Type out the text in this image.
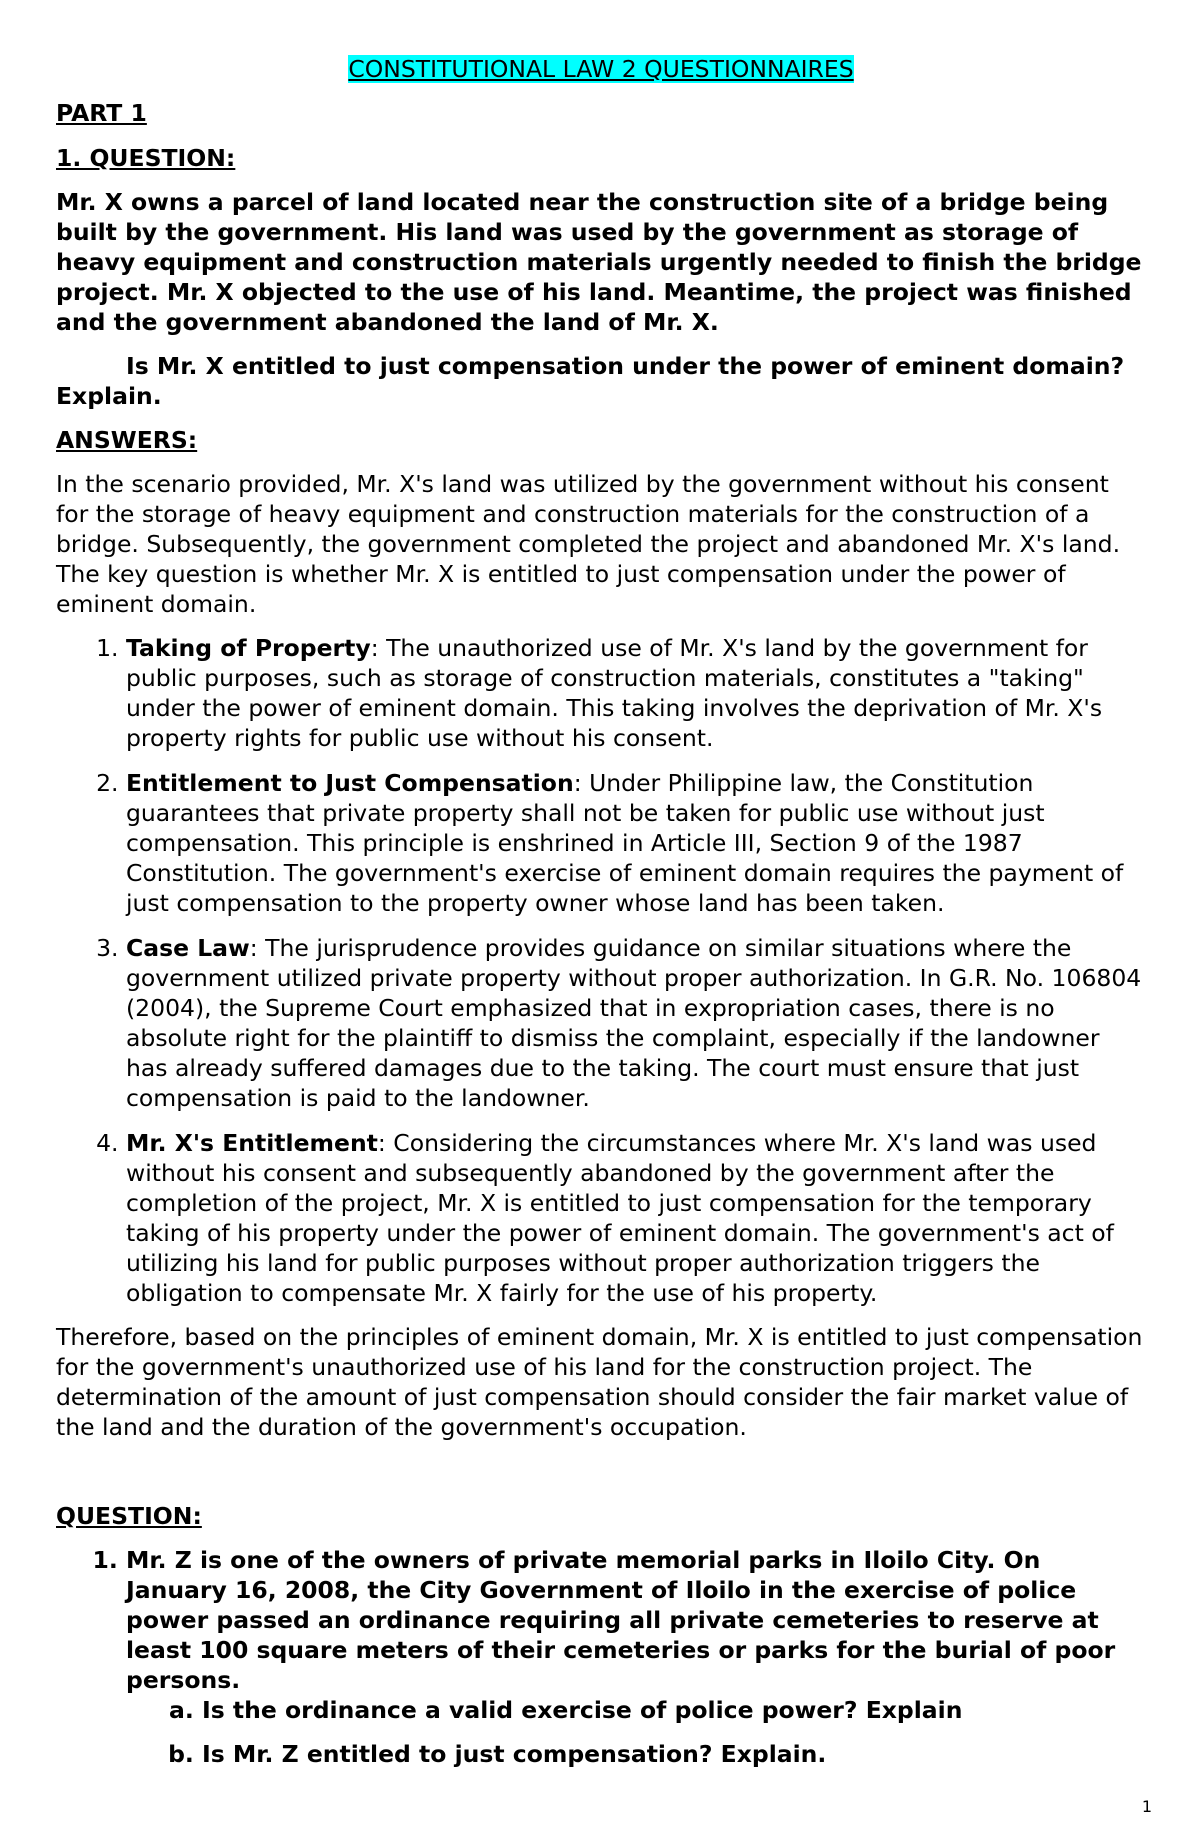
CONSTITUTIONAL LAW 2 QUESTIONNAIRES
PART 1
1. QUESTION:

Mr. X owns a parcel of land located near the construction site of a bridge being built by the government. His land was used by the government as storage of heavy equipment and construction materials urgently needed to finish the bridge project. Mr. X objected to the use of his land. Meantime, the project was finished and the government abandoned the land of Mr. X.

Is Mr. X entitled to just compensation under the power of eminent domain? Explain.

ANSWERS:

In the scenario provided, Mr. X's land was utilized by the government without his consent for the storage of heavy equipment and construction materials for the construction of a bridge. Subsequently, the government completed the project and abandoned Mr. X's land. The key question is whether Mr. X is entitled to just compensation under the power of eminent domain.

1. Taking of Property: The unauthorized use of Mr. X's land by the government for public purposes, such as storage of construction materials, constitutes a "taking" under the power of eminent domain. This taking involves the deprivation of Mr. X's property rights for public use without his consent.
2. Entitlement to Just Compensation: Under Philippine law, the Constitution guarantees that private property shall not be taken for public use without just compensation. This principle is enshrined in Article III, Section 9 of the 1987 Constitution. The government's exercise of eminent domain requires the payment of just compensation to the property owner whose land has been taken.
3. Case Law: The jurisprudence provides guidance on similar situations where the government utilized private property without proper authorization. In G.R. No. 106804 (2004), the Supreme Court emphasized that in expropriation cases, there is no absolute right for the plaintiff to dismiss the complaint, especially if the landowner has already suffered damages due to the taking. The court must ensure that just compensation is paid to the landowner.
4. Mr. X's Entitlement: Considering the circumstances where Mr. X's land was used without his consent and subsequently abandoned by the government after the completion of the project, Mr. X is entitled to just compensation for the temporary taking of his property under the power of eminent domain. The government's act of utilizing his land for public purposes without proper authorization triggers the obligation to compensate Mr. X fairly for the use of his property.

Therefore, based on the principles of eminent domain, Mr. X is entitled to just compensation for the government's unauthorized use of his land for the construction project. The determination of the amount of just compensation should consider the fair market value of the land and the duration of the government's occupation.

QUESTION:
1. Mr. Z is one of the owners of private memorial parks in Iloilo City. On January 16, 2008, the City Government of Iloilo in the exercise of police power passed an ordinance requiring all private cemeteries to reserve at least 100 square meters of their cemeteries or parks for the burial of poor persons.
a. Is the ordinance a valid exercise of police power? Explain
b. Is Mr. Z entitled to just compensation? Explain.
1
